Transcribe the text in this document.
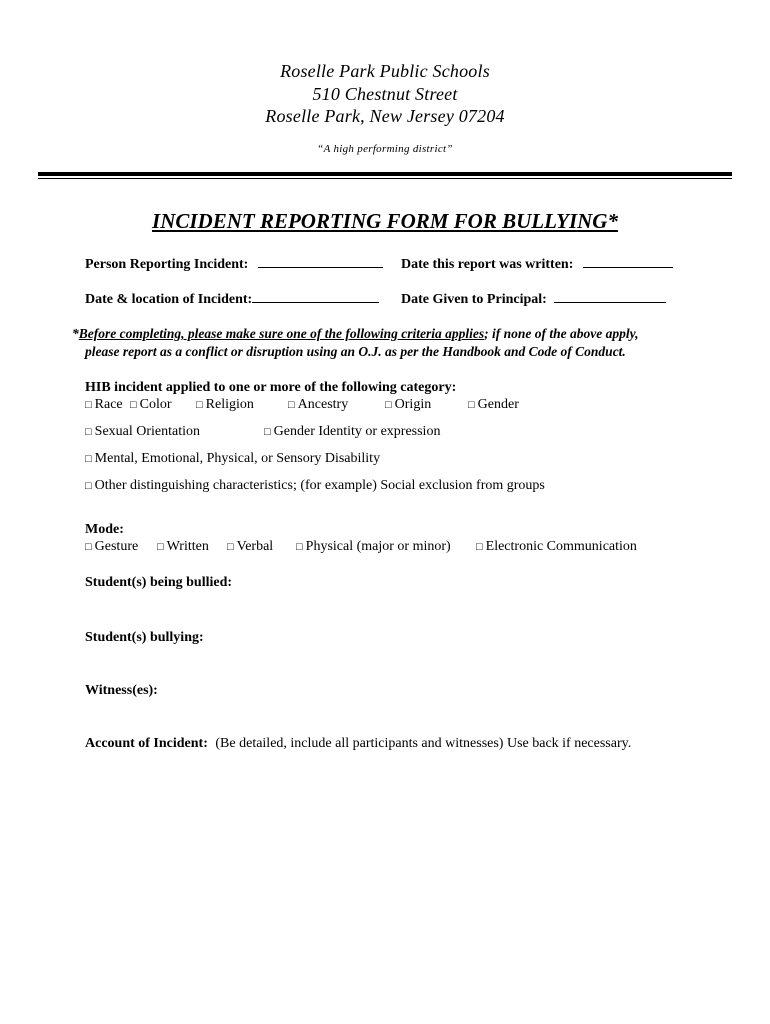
Roselle Park Public Schools
510 Chestnut Street
Roselle Park, New Jersey 07204
“A high performing district”
INCIDENT REPORTING FORM FOR BULLYING*
Person Reporting Incident:	Date this report was written:
Date & location of Incident:	Date Given to Principal:
*Before completing, please make sure one of the following criteria applies; if none of the above apply,
please report as a conflict or disruption using an O.J. as per the Handbook and Code of Conduct.
HIB incident applied to one or more of the following category:
□ Race □ Color □ Religion	□ Ancestry	□ Origin	□ Gender
□ Sexual Orientation	□ Gender Identity or expression
□ Mental, Emotional, Physical, or Sensory Disability
□ Other distinguishing characteristics; (for example) Social exclusion from groups
Mode:
□ Gesture □ Written □ Verbal □ Physical (major or minor) □ Electronic Communication
Student(s) being bullied:
Student(s) bullying:
Witness(es):
Account of Incident: (Be detailed, include all participants and witnesses) Use back if necessary.
